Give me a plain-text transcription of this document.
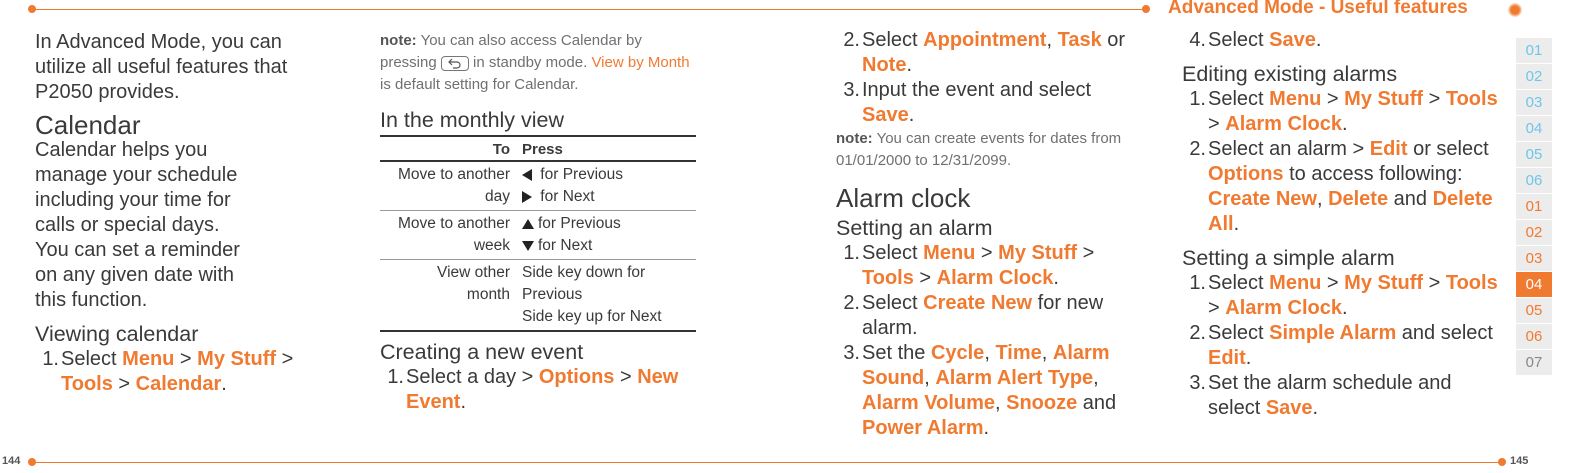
Advanced Mode - Useful features
144	145
In Advanced Mode, you can utilize all useful features that P2050 provides.
Calendar
Calendar helps you manage your schedule including your time for calls or special days. You can set a reminder on any given date with this function.
Viewing calendar
1. Select Menu > My Stuff > Tools > Calendar.
note: You can also access Calendar by pressing
in standby mode. View by Month is default setting for Calendar.
In the monthly view
To	Press
Move to another day	for Previous
for Next

Move to another week	for Previous
for Next

View other month	Side key down for Previous
Side key up for Next
Creating a new event
1. Select a day > Options > New Event.
2. Select Appointment, Task or Note.
3. Input the event and select Save.
note: You can create events for dates from 01/01/2000 to 12/31/2099.
Alarm clock
Setting an alarm
1. Select Menu > My Stuff > Tools > Alarm Clock.
2. Select Create New for new alarm.
3. Set the Cycle, Time, Alarm Sound, Alarm Alert Type, Alarm Volume, Snooze and Power Alarm.
4. Select Save.
Editing existing alarms
1. Select Menu > My Stuff > Tools > Alarm Clock.
2. Select an alarm > Edit or select Options to access following: Create New, Delete and Delete All.
Setting a simple alarm
1. Select Menu > My Stuff > Tools > Alarm Clock.
2. Select Simple Alarm and select Edit.
3. Set the alarm schedule and select Save.
01
02
03
04
05
06
01
02
03
04
05
06
07
